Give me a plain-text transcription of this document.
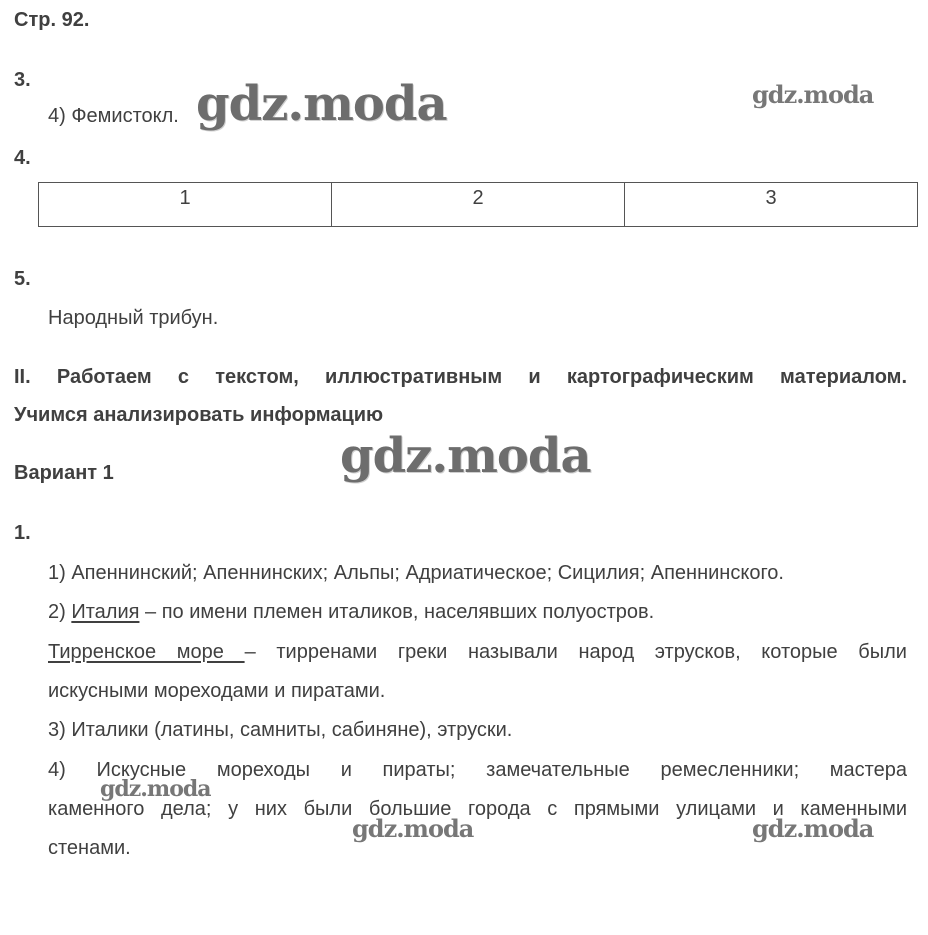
Стр. 92.
3.
4) Фемистокл.
4.
1	2	3
5.
Народный трибун.
II. Работаем с текстом, иллюстративным и картографическим материалом.
Учимся анализировать информацию
Вариант 1
1.
1) Апеннинский; Апеннинских; Альпы; Адриатическое; Сицилия; Апеннинского.
2) Италия – по имени племен италиков, населявших полуостров.
Тирренское море – тирренами греки называли народ этрусков, которые были
искусными мореходами и пиратами.
3) Италики (латины, самниты, сабиняне), этруски.
4) Искусные мореходы и пираты; замечательные ремесленники; мастера
каменного дела; у них были большие города с прямыми улицами и каменными
стенами.
gdz.moda	gdz.moda
gdz.moda
gdz.moda
gdz.moda	gdz.moda
